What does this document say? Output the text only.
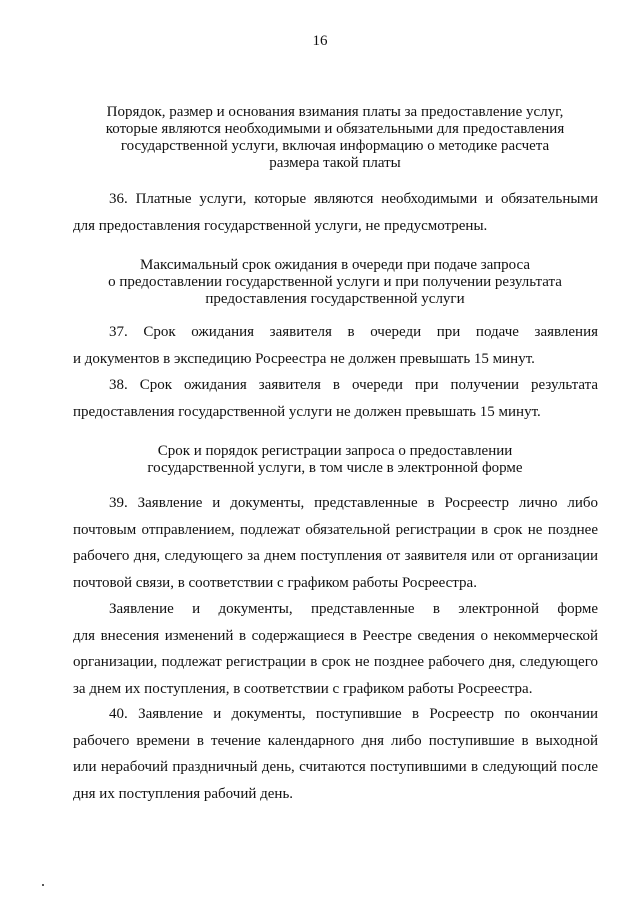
16
Порядок, размер и основания взимания платы за предоставление услуг,
которые являются необходимыми и обязательными для предоставления
государственной услуги, включая информацию о методике расчета
размера такой платы
36. Платные услуги, которые являются необходимыми и обязательными
для предоставления государственной услуги, не предусмотрены.
Максимальный срок ожидания в очереди при подаче запроса
о предоставлении государственной услуги и при получении результата
предоставления государственной услуги
37. Срок ожидания заявителя в очереди при подаче заявления
и документов в экспедицию Росреестра не должен превышать 15 минут.
38. Срок ожидания заявителя в очереди при получении результата
предоставления государственной услуги не должен превышать 15 минут.
Срок и порядок регистрации запроса о предоставлении
государственной услуги, в том числе в электронной форме
39. Заявление и документы, представленные в Росреестр лично либо
почтовым отправлением, подлежат обязательной регистрации в срок не позднее
рабочего дня, следующего за днем поступления от заявителя или от организации
почтовой связи, в соответствии с графиком работы Росреестра.
Заявление и документы, представленные в электронной форме
для внесения изменений в содержащиеся в Реестре сведения о некоммерческой
организации, подлежат регистрации в срок не позднее рабочего дня, следующего
за днем их поступления, в соответствии с графиком работы Росреестра.
40. Заявление и документы, поступившие в Росреестр по окончании
рабочего времени в течение календарного дня либо поступившие в выходной
или нерабочий праздничный день, считаются поступившими в следующий после
дня их поступления рабочий день.
